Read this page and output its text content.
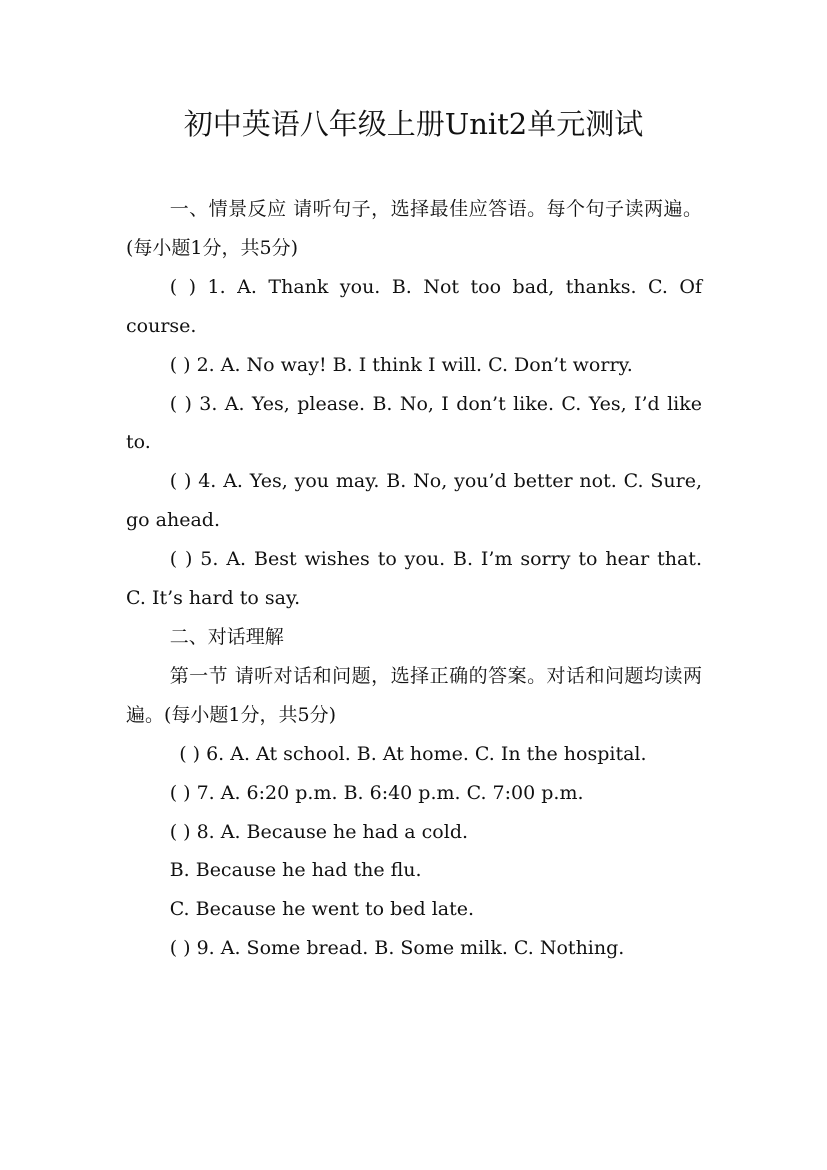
初中英语八年级上册Unit2单元测试

一、情景反应 请听句子，选择最佳应答语。每个句子读两遍。(每小题1分，共5分)

( ) 1. A. Thank you. B. Not too bad, thanks. C. Of course.

( ) 2. A. No way! B. I think I will. C. Don’t worry.

( ) 3. A. Yes, please. B. No, I don’t like. C. Yes, I’d like to.

( ) 4. A. Yes, you may. B. No, you’d better not. C. Sure, go ahead.

( ) 5. A. Best wishes to you. B. I’m sorry to hear that. C. It’s hard to say.

二、对话理解

第一节 请听对话和问题，选择正确的答案。对话和问题均读两遍。(每小题1分，共5分)

( ) 6. A. At school. B. At home. C. In the hospital.

( ) 7. A. 6:20 p.m. B. 6:40 p.m. C. 7:00 p.m.

( ) 8. A. Because he had a cold.

B. Because he had the flu.

C. Because he went to bed late.

( ) 9. A. Some bread. B. Some milk. C. Nothing.
